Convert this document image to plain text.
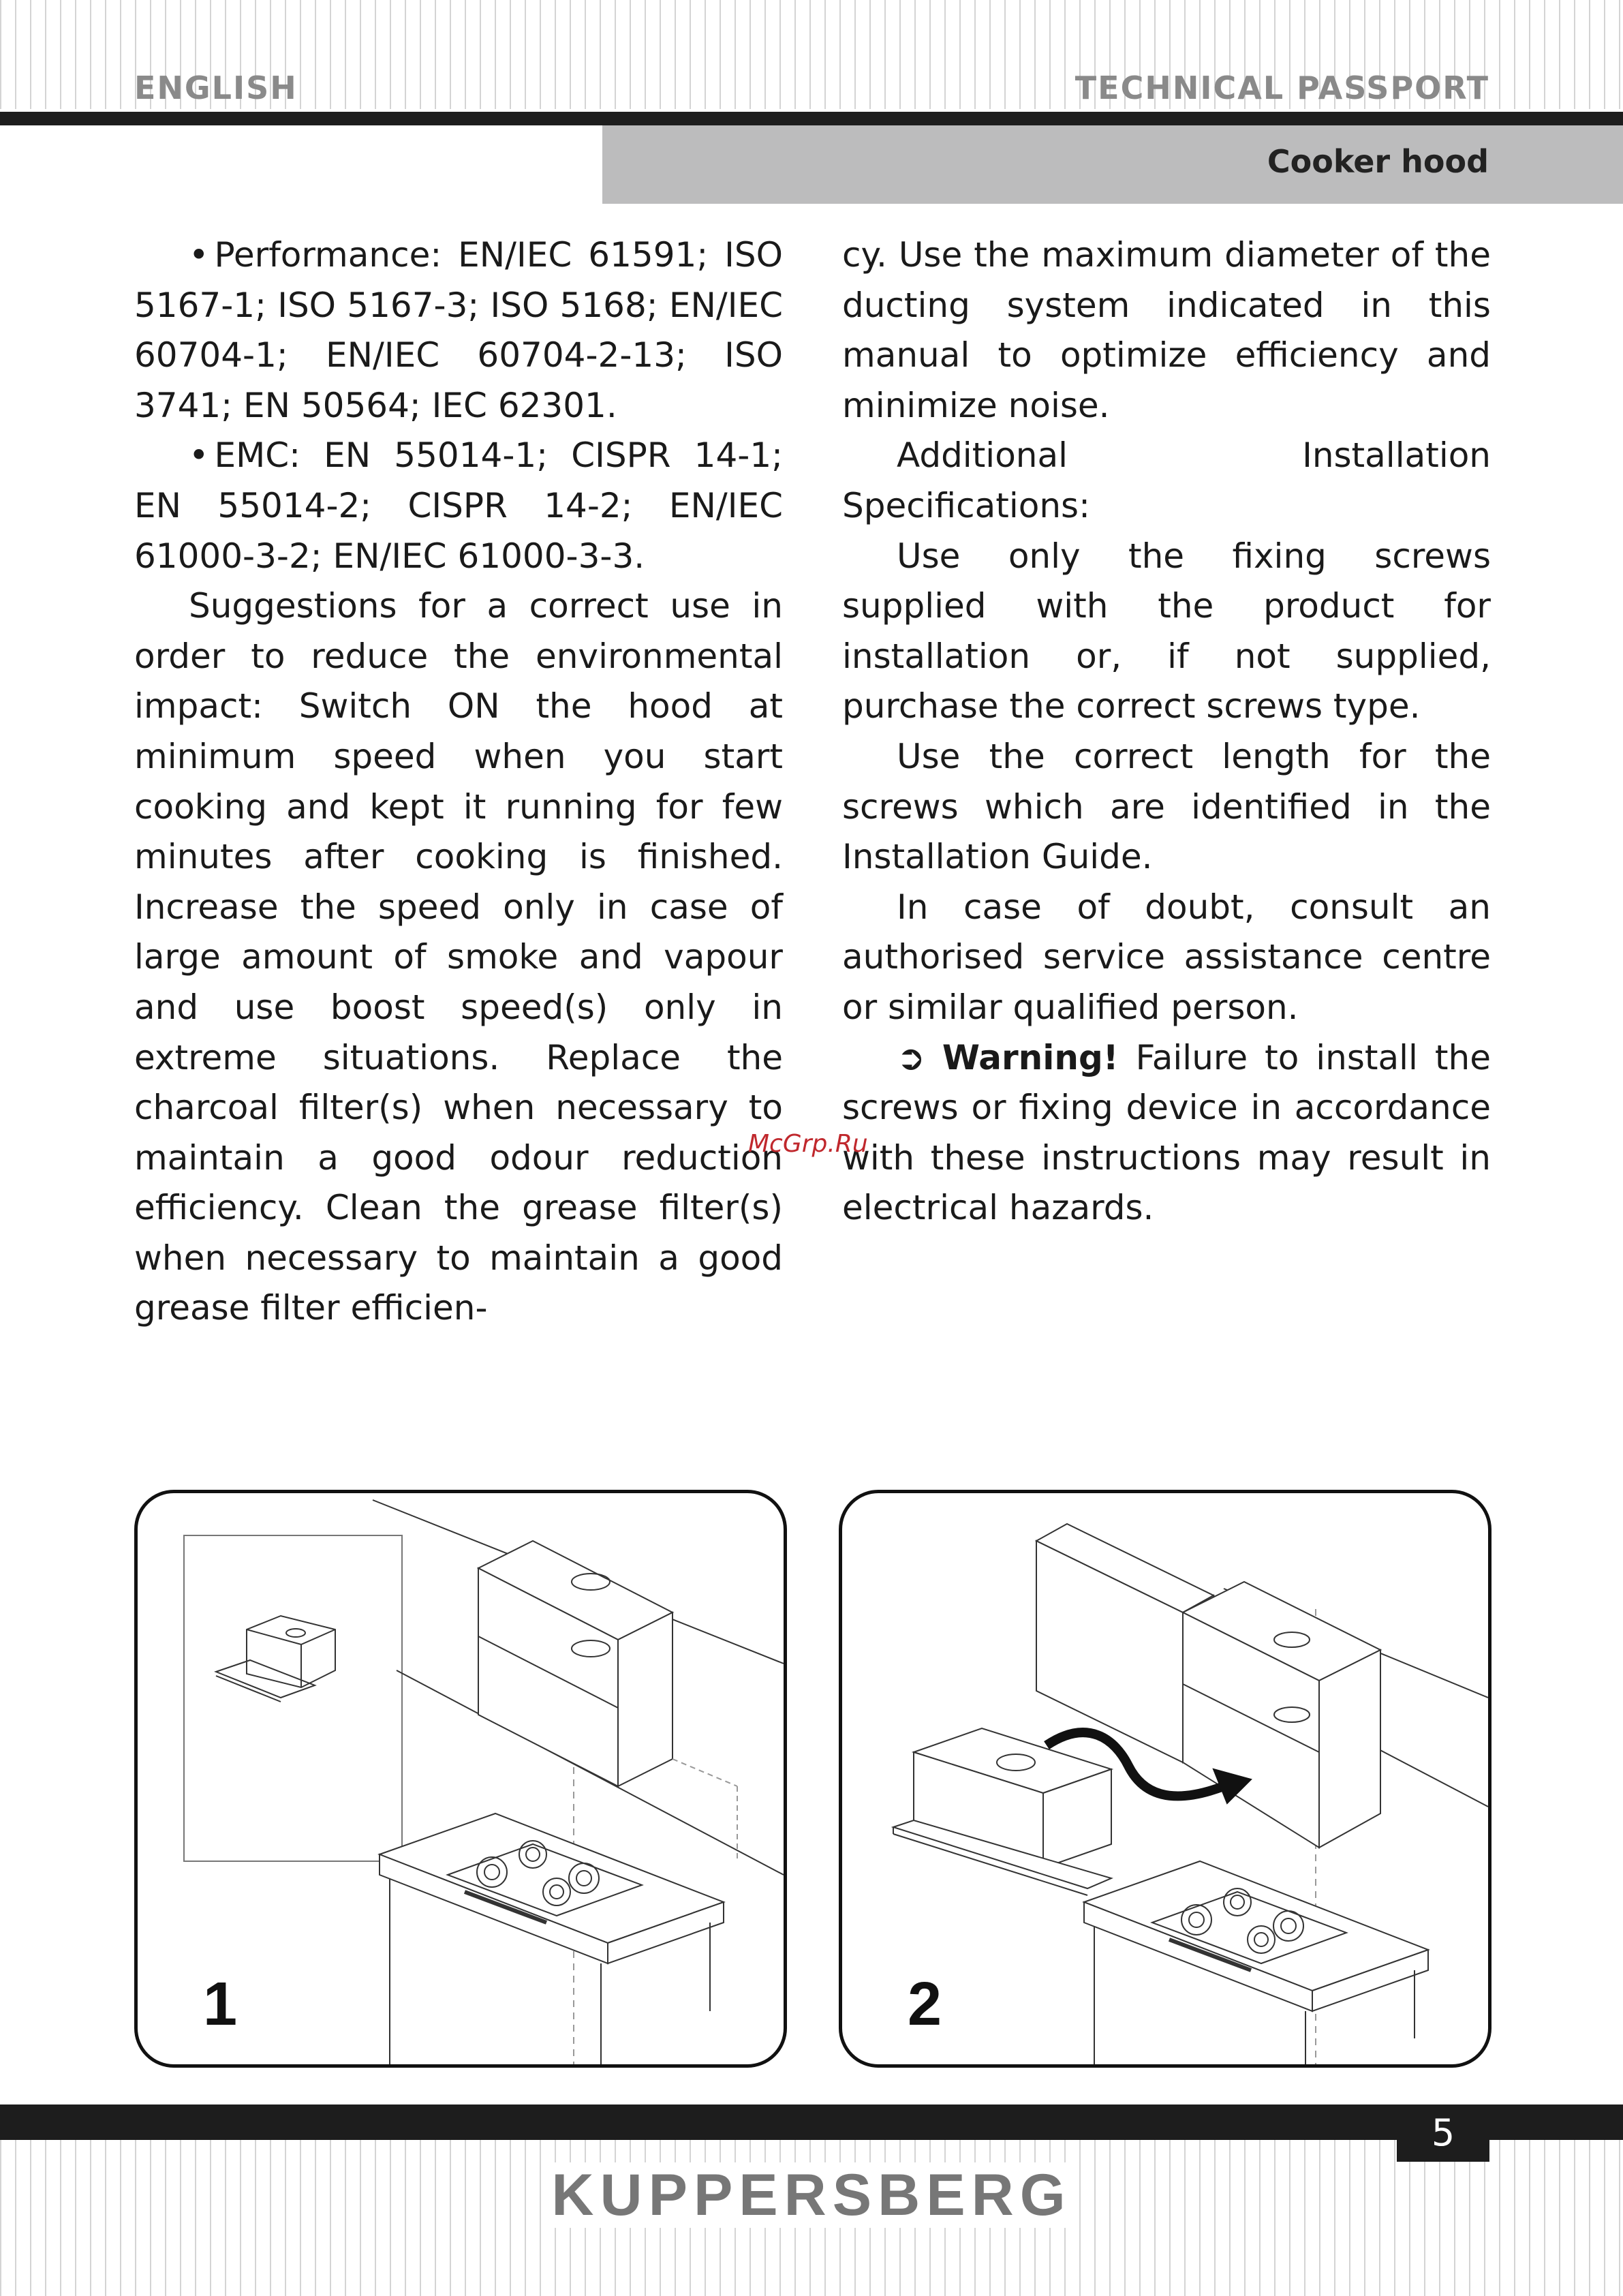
ENGLISH	TECHNICAL PASSPORT
Cooker hood

• Performance: EN/IEC 61591; ISO 5167-1; ISO 5167-3; ISO 5168; EN/IEC 60704-1; EN/IEC 60704-2-13; ISO 3741; EN 50564; IEC 62301.

• EMC: EN 55014-1; CISPR 14-1; EN 55014-2; CISPR 14-2; EN/IEC 61000-3-2; EN/IEC 61000-3-3.

Suggestions for a correct use in order to reduce the environmental impact: Switch ON the hood at minimum speed when you start cooking and kept it running for few minutes after cooking is finished. Increase the speed only in case of large amount of smoke and vapour and use boost speed(s) only in extreme situations. Replace the charcoal filter(s) when necessary to maintain a good odour reduction efficiency. Clean the grease filter(s) when necessary to maintain a good grease filter efficien-

cy. Use the maximum diameter of the ducting system indicated in this manual to optimize efficiency and minimize noise.

Additional Installation Specifications:

Use only the fixing screws supplied with the product for installation or, if not supplied, purchase the correct screws type.

Use the correct length for the screws which are identified in the Installation Guide.

In case of doubt, consult an authorised service assistance centre or similar qualified person.

➲ Warning! Failure to install the screws or fixing device in accordance with these instructions may result in electrical hazards.

McGrp.Ru
1	2
5
KUPPERSBERG
